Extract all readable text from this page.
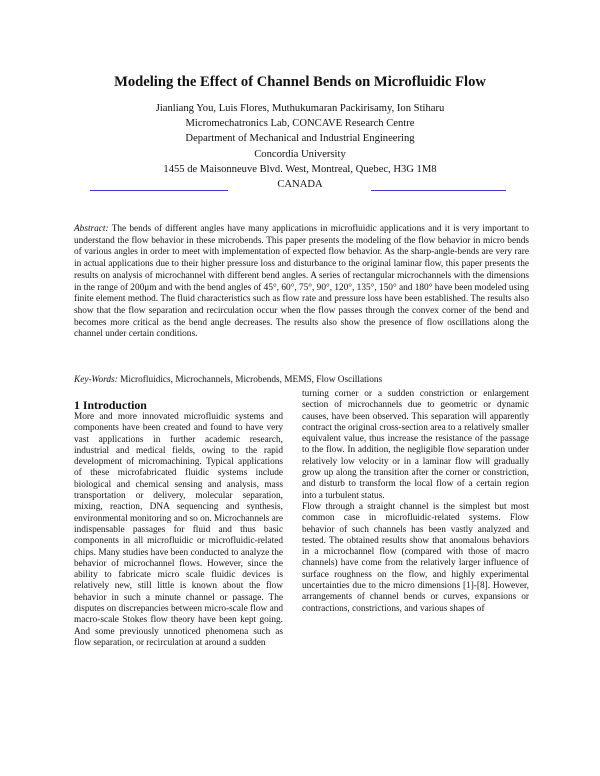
Modeling the Effect of Channel Bends on Microfluidic Flow
Jianliang You, Luis Flores, Muthukumaran Packirisamy, Ion Stiharu
Micromechatronics Lab, CONCAVE Research Centre
Department of Mechanical and Industrial Engineering
Concordia University
1455 de Maisonneuve Blvd. West, Montreal, Quebec, H3G 1M8
CANADA

Abstract: The bends of different angles have many applications in microfluidic applications and it is very important to understand the flow behavior in these microbends. This paper presents the modeling of the flow behavior in micro bends of various angles in order to meet with implementation of expected flow behavior. As the sharp-angle-bends are very rare in actual applications due to their higher pressure loss and disturbance to the original laminar flow, this paper presents the results on analysis of microchannel with different bend angles. A series of rectangular microchannels with the dimensions in the range of 200μm and with the bend angles of 45°, 60°, 75°, 90°, 120°, 135°, 150° and 180° have been modeled using finite element method. The fluid characteristics such as flow rate and pressure loss have been established. The results also show that the flow separation and recirculation occur when the flow passes through the convex corner of the bend and becomes more critical as the bend angle decreases. The results also show the presence of flow oscillations along the channel under certain conditions.

Key-Words: Microfluidics, Microchannels, Microbends, MEMS, Flow Oscillations

1 Introduction

More and more innovated microfluidic systems and components have been created and found to have very vast applications in further academic research, industrial and medical fields, owing to the rapid development of micromachining. Typical applications of these microfabricated fluidic systems include biological and chemical sensing and analysis, mass transportation or delivery, molecular separation, mixing, reaction, DNA sequencing and synthesis, environmental monitoring and so on. Microchannels are indispensable passages for fluid and thus basic components in all microfluidic or microfluidic-related chips. Many studies have been conducted to analyze the behavior of microchannel flows. However, since the ability to fabricate micro scale fluidic devices is relatively new, still little is known about the flow behavior in such a minute channel or passage. The disputes on discrepancies between micro-scale flow and macro-scale Stokes flow theory have been kept going. And some previously unnoticed phenomena such as flow separation, or recirculation at around a sudden

turning corner or a sudden constriction or enlargement section of microchannels due to geometric or dynamic causes, have been observed. This separation will apparently contract the original cross-section area to a relatively smaller equivalent value, thus increase the resistance of the passage to the flow. In addition, the negligible flow separation under relatively low velocity or in a laminar flow will gradually grow up along the transition after the corner or constriction, and disturb to transform the local flow of a certain region into a turbulent status.

Flow through a straight channel is the simplest but most common case in microfluidic-related systems. Flow behavior of such channels has been vastly analyzed and tested. The obtained results show that anomalous behaviors in a microchannel flow (compared with those of macro channels) have come from the relatively larger influence of surface roughness on the flow, and highly experimental uncertainties due to the micro dimensions [1]-[8]. However, arrangements of channel bends or curves, expansions or contractions, constrictions, and various shapes of
